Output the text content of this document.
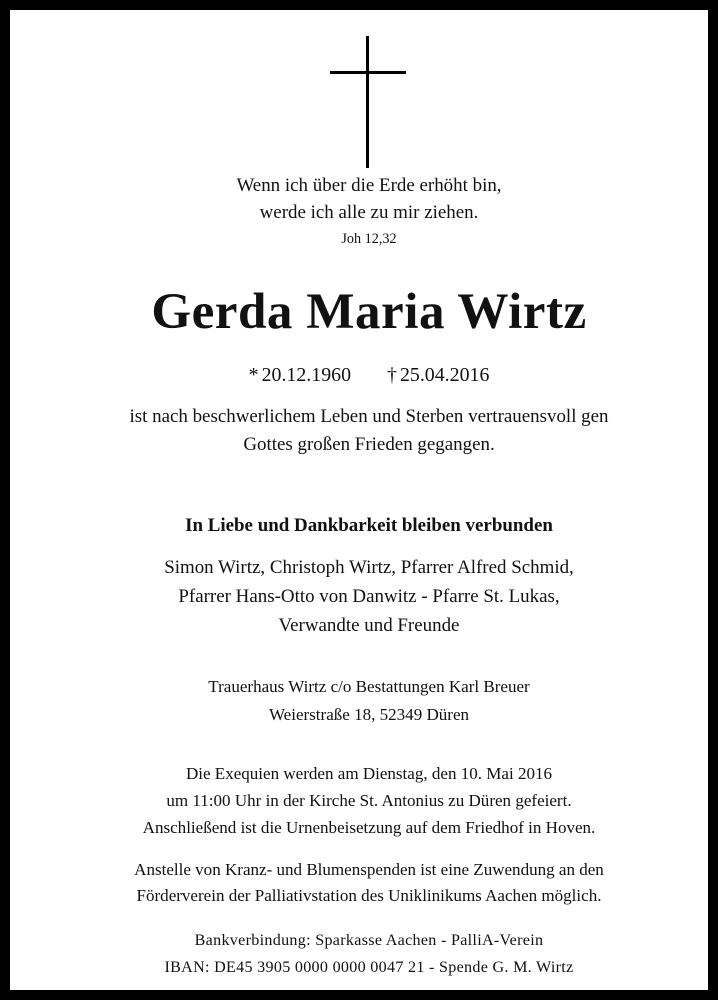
Wenn ich über die Erde erhöht bin,
werde ich alle zu mir ziehen.
Joh 12,32
Gerda Maria Wirtz
* 20.12.1960 † 25.04.2016
ist nach beschwerlichem Leben und Sterben vertrauensvoll gen
Gottes großen Frieden gegangen.
In Liebe und Dankbarkeit bleiben verbunden
Simon Wirtz, Christoph Wirtz, Pfarrer Alfred Schmid,
Pfarrer Hans-Otto von Danwitz - Pfarre St. Lukas,
Verwandte und Freunde
Trauerhaus Wirtz c/o Bestattungen Karl Breuer
Weierstraße 18, 52349 Düren
Die Exequien werden am Dienstag, den 10. Mai 2016
um 11:00 Uhr in der Kirche St. Antonius zu Düren gefeiert.
Anschließend ist die Urnenbeisetzung auf dem Friedhof in Hoven.
Anstelle von Kranz- und Blumenspenden ist eine Zuwendung an den
Förderverein der Palliativstation des Uniklinikums Aachen möglich.
Bankverbindung: Sparkasse Aachen - PalliA-Verein
IBAN: DE45 3905 0000 0000 0047 21 - Spende G. M. Wirtz
